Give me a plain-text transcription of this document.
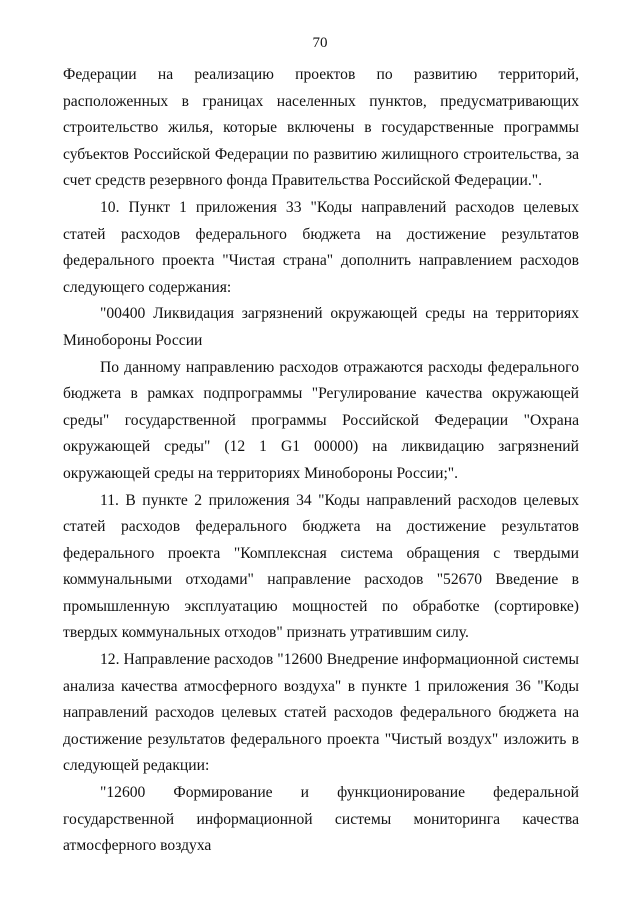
70

Федерации на реализацию проектов по развитию территорий, расположенных в границах населенных пунктов, предусматривающих строительство жилья, которые включены в государственные программы субъектов Российской Федерации по развитию жилищного строительства, за счет средств резервного фонда Правительства Российской Федерации.".

10. Пункт 1 приложения 33 "Коды направлений расходов целевых статей расходов федерального бюджета на достижение результатов федерального проекта "Чистая страна" дополнить направлением расходов следующего содержания:

"00400 Ликвидация загрязнений окружающей среды на территориях Минобороны России

По данному направлению расходов отражаются расходы федерального бюджета в рамках подпрограммы "Регулирование качества окружающей среды" государственной программы Российской Федерации "Охрана окружающей среды" (12 1 G1 00000) на ликвидацию загрязнений окружающей среды на территориях Минобороны России;".

11. В пункте 2 приложения 34 "Коды направлений расходов целевых статей расходов федерального бюджета на достижение результатов федерального проекта "Комплексная система обращения с твердыми коммунальными отходами" направление расходов "52670 Введение в промышленную эксплуатацию мощностей по обработке (сортировке) твердых коммунальных отходов" признать утратившим силу.

12. Направление расходов "12600 Внедрение информационной системы анализа качества атмосферного воздуха" в пункте 1 приложения 36 "Коды направлений расходов целевых статей расходов федерального бюджета на достижение результатов федерального проекта "Чистый воздух" изложить в следующей редакции:

"12600 Формирование и функционирование федеральной государственной информационной системы мониторинга качества атмосферного воздуха
